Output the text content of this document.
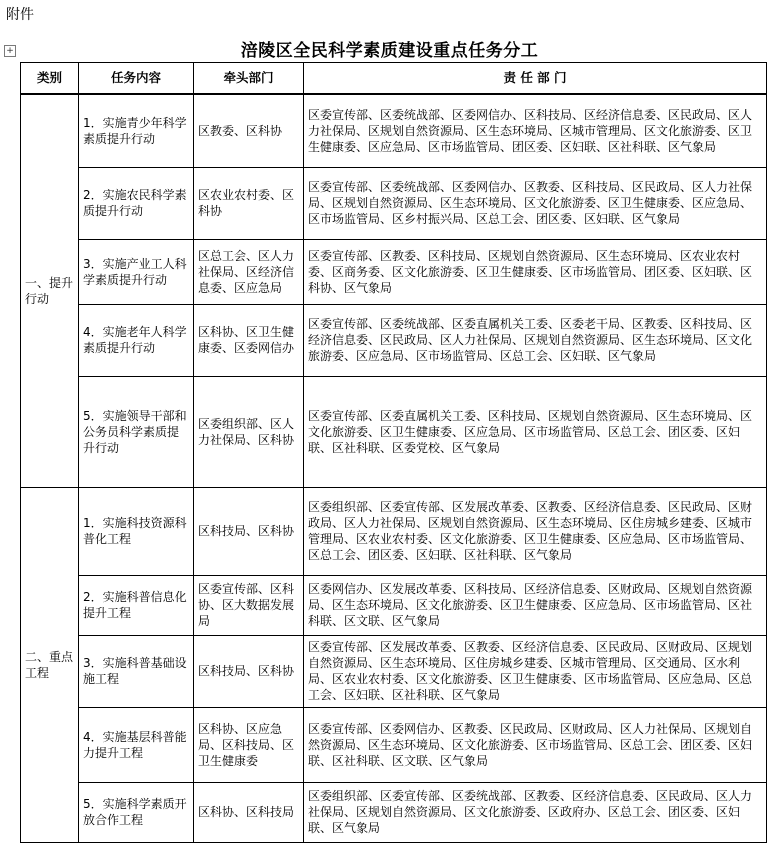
附件
+	涪陵区全民科学素质建设重点任务分工
类别	任务内容	牵头部门	责 任 部 门
一、提升行动	1．实施青少年科学素质提升行动	区教委、区科协	区委宣传部、区委统战部、区委网信办、区科技局、区经济信息委、区民政局、区人力社保局、区规划自然资源局、区生态环境局、区城市管理局、区文化旅游委、区卫生健康委、区应急局、区市场监管局、团区委、区妇联、区社科联、区气象局
	2．实施农民科学素质提升行动	区农业农村委、区科协	区委宣传部、区委统战部、区委网信办、区教委、区科技局、区民政局、区人力社保局、区规划自然资源局、区生态环境局、区文化旅游委、区卫生健康委、区应急局、区市场监管局、区乡村振兴局、区总工会、团区委、区妇联、区气象局
	3．实施产业工人科学素质提升行动	区总工会、区人力社保局、区经济信息委、区应急局	区委宣传部、区教委、区科技局、区规划自然资源局、区生态环境局、区农业农村委、区商务委、区文化旅游委、区卫生健康委、区市场监管局、团区委、区妇联、区科协、区气象局
	4．实施老年人科学素质提升行动	区科协、区卫生健康委、区委网信办	区委宣传部、区委统战部、区委直属机关工委、区委老干局、区教委、区科技局、区经济信息委、区民政局、区人力社保局、区规划自然资源局、区生态环境局、区文化旅游委、区应急局、区市场监管局、区总工会、区妇联、区气象局
	5．实施领导干部和公务员科学素质提升行动	区委组织部、区人力社保局、区科协	区委宣传部、区委直属机关工委、区科技局、区规划自然资源局、区生态环境局、区文化旅游委、区卫生健康委、区应急局、区市场监管局、区总工会、团区委、区妇联、区社科联、区委党校、区气象局
二、重点工程	1．实施科技资源科普化工程	区科技局、区科协	区委组织部、区委宣传部、区发展改革委、区教委、区经济信息委、区民政局、区财政局、区人力社保局、区规划自然资源局、区生态环境局、区住房城乡建委、区城市管理局、区农业农村委、区文化旅游委、区卫生健康委、区应急局、区市场监管局、区总工会、团区委、区妇联、区社科联、区气象局
	2．实施科普信息化提升工程	区委宣传部、区科协、区大数据发展局	区委网信办、区发展改革委、区科技局、区经济信息委、区财政局、区规划自然资源局、区生态环境局、区文化旅游委、区卫生健康委、区应急局、区市场监管局、区社科联、区文联、区气象局
	3．实施科普基础设施工程	区科技局、区科协	区委宣传部、区发展改革委、区教委、区经济信息委、区民政局、区财政局、区规划自然资源局、区生态环境局、区住房城乡建委、区城市管理局、区交通局、区水利局、区农业农村委、区文化旅游委、区卫生健康委、区市场监管局、区应急局、区总工会、区妇联、区社科联、区气象局
	4．实施基层科普能力提升工程	区科协、区应急局、区科技局、区卫生健康委	区委宣传部、区委网信办、区教委、区民政局、区财政局、区人力社保局、区规划自然资源局、区生态环境局、区文化旅游委、区市场监管局、区总工会、团区委、区妇联、区社科联、区文联、区气象局
	5．实施科学素质开放合作工程	区科协、区科技局	区委组织部、区委宣传部、区委统战部、区教委、区经济信息委、区民政局、区人力社保局、区规划自然资源局、区文化旅游委、区政府办、区总工会、团区委、区妇联、区气象局
